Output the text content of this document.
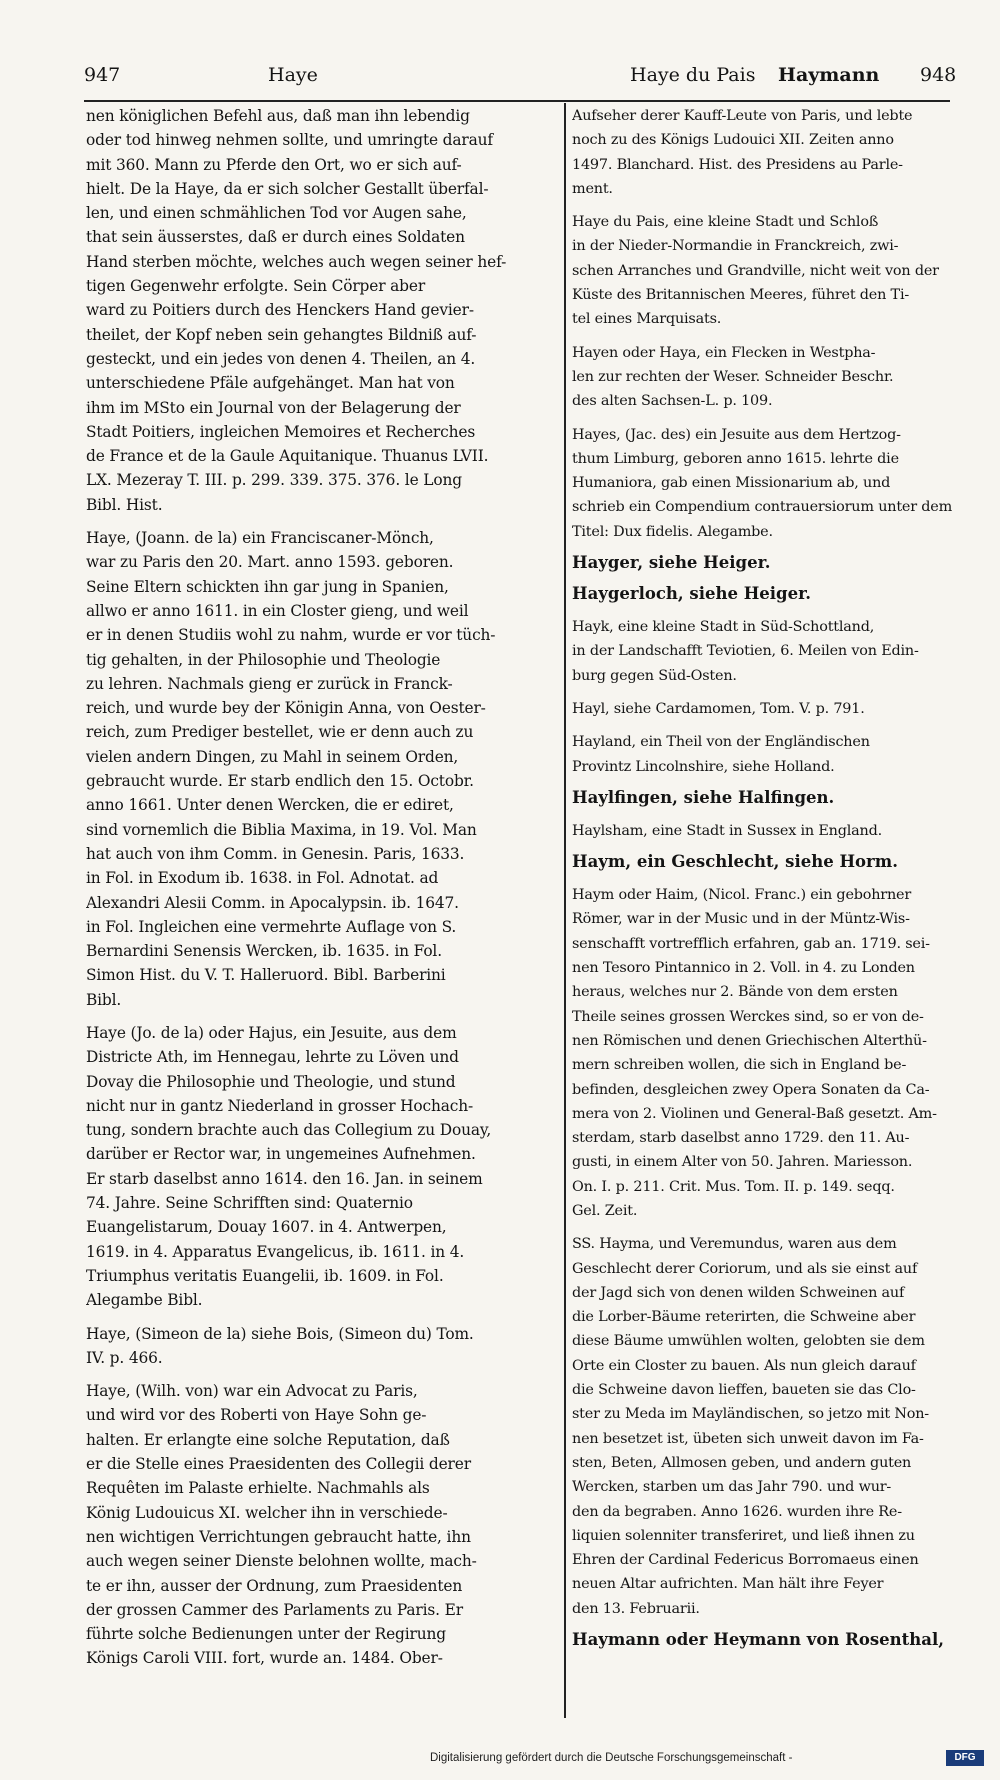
947	Haye	Haye du Pais Haymann 948
nen königlichen Befehl aus, daß man ihn lebendig
oder tod hinweg nehmen sollte, und umringte darauf
mit 360. Mann zu Pferde den Ort, wo er sich auf-
hielt. De la Haye, da er sich solcher Gestallt überfal-
len, und einen schmählichen Tod vor Augen sahe,
that sein äusserstes, daß er durch eines Soldaten
Hand sterben möchte, welches auch wegen seiner hef-
tigen Gegenwehr erfolgte. Sein Cörper aber
ward zu Poitiers durch des Henckers Hand gevier-
theilet, der Kopf neben sein gehangtes Bildniß auf-
gesteckt, und ein jedes von denen 4. Theilen, an 4.
unterschiedene Pfäle aufgehänget. Man hat von
ihm im MSto ein Journal von der Belagerung der
Stadt Poitiers, ingleichen Memoires et Recherches
de France et de la Gaule Aquitanique. Thuanus LVII.
LX. Mezeray T. III. p. 299. 339. 375. 376. le Long
Bibl. Hist.
Haye, (Joann. de la) ein Franciscaner-Mönch,
war zu Paris den 20. Mart. anno 1593. geboren.
Seine Eltern schickten ihn gar jung in Spanien,
allwo er anno 1611. in ein Closter gieng, und weil
er in denen Studiis wohl zu nahm, wurde er vor tüch-
tig gehalten, in der Philosophie und Theologie
zu lehren. Nachmals gieng er zurück in Franck-
reich, und wurde bey der Königin Anna, von Oester-
reich, zum Prediger bestellet, wie er denn auch zu
vielen andern Dingen, zu Mahl in seinem Orden,
gebraucht wurde. Er starb endlich den 15. Octobr.
anno 1661. Unter denen Wercken, die er ediret,
sind vornemlich die Biblia Maxima, in 19. Vol. Man
hat auch von ihm Comm. in Genesin. Paris, 1633.
in Fol. in Exodum ib. 1638. in Fol. Adnotat. ad
Alexandri Alesii Comm. in Apocalypsin. ib. 1647.
in Fol. Ingleichen eine vermehrte Auflage von S.
Bernardini Senensis Wercken, ib. 1635. in Fol.
Simon Hist. du V. T. Halleruord. Bibl. Barberini
Bibl.
Haye (Jo. de la) oder Hajus, ein Jesuite, aus dem
Districte Ath, im Hennegau, lehrte zu Löven und
Dovay die Philosophie und Theologie, und stund
nicht nur in gantz Niederland in grosser Hochach-
tung, sondern brachte auch das Collegium zu Douay,
darüber er Rector war, in ungemeines Aufnehmen.
Er starb daselbst anno 1614. den 16. Jan. in seinem
74. Jahre. Seine Schrifften sind: Quaternio
Euangelistarum, Douay 1607. in 4. Antwerpen,
1619. in 4. Apparatus Evangelicus, ib. 1611. in 4.
Triumphus veritatis Euangelii, ib. 1609. in Fol.
Alegambe Bibl.
Haye, (Simeon de la) siehe Bois, (Simeon du) Tom.
IV. p. 466.
Haye, (Wilh. von) war ein Advocat zu Paris,
und wird vor des Roberti von Haye Sohn ge-
halten. Er erlangte eine solche Reputation, daß
er die Stelle eines Praesidenten des Collegii derer
Requêten im Palaste erhielte. Nachmahls als
König Ludouicus XI. welcher ihn in verschiede-
nen wichtigen Verrichtungen gebraucht hatte, ihn
auch wegen seiner Dienste belohnen wollte, mach-
te er ihn, ausser der Ordnung, zum Praesidenten
der grossen Cammer des Parlaments zu Paris. Er
führte solche Bedienungen unter der Regirung
Königs Caroli VIII. fort, wurde an. 1484. Ober-
Aufseher derer Kauff-Leute von Paris, und lebte
noch zu des Königs Ludouici XII. Zeiten anno
1497. Blanchard. Hist. des Presidens au Parle-
ment.
Haye du Pais, eine kleine Stadt und Schloß
in der Nieder-Normandie in Franckreich, zwi-
schen Arranches und Grandville, nicht weit von der
Küste des Britannischen Meeres, führet den Ti-
tel eines Marquisats.
Hayen oder Haya, ein Flecken in Westpha-
len zur rechten der Weser. Schneider Beschr.
des alten Sachsen-L. p. 109.
Hayes, (Jac. des) ein Jesuite aus dem Hertzog-
thum Limburg, geboren anno 1615. lehrte die
Humaniora, gab einen Missionarium ab, und
schrieb ein Compendium contrauersiorum unter dem
Titel: Dux fidelis. Alegambe.
Hayger, siehe Heiger.
Haygerloch, siehe Heiger.
Hayk, eine kleine Stadt in Süd-Schottland,
in der Landschafft Teviotien, 6. Meilen von Edin-
burg gegen Süd-Osten.
Hayl, siehe Cardamomen, Tom. V. p. 791.
Hayland, ein Theil von der Engländischen
Provintz Lincolnshire, siehe Holland.
Haylfingen, siehe Halfingen.
Haylsham, eine Stadt in Sussex in England.
Haym, ein Geschlecht, siehe Horm.
Haym oder Haim, (Nicol. Franc.) ein gebohrner
Römer, war in der Music und in der Müntz-Wis-
senschafft vortrefflich erfahren, gab an. 1719. sei-
nen Tesoro Pintannico in 2. Voll. in 4. zu Londen
heraus, welches nur 2. Bände von dem ersten
Theile seines grossen Werckes sind, so er von de-
nen Römischen und denen Griechischen Alterthü-
mern schreiben wollen, die sich in England be-
befinden, desgleichen zwey Opera Sonaten da Ca-
mera von 2. Violinen und General-Baß gesetzt. Am-
sterdam, starb daselbst anno 1729. den 11. Au-
gusti, in einem Alter von 50. Jahren. Mariesson.
On. I. p. 211. Crit. Mus. Tom. II. p. 149. seqq.
Gel. Zeit.
SS. Hayma, und Veremundus, waren aus dem
Geschlecht derer Coriorum, und als sie einst auf
der Jagd sich von denen wilden Schweinen auf
die Lorber-Bäume reterirten, die Schweine aber
diese Bäume umwühlen wolten, gelobten sie dem
Orte ein Closter zu bauen. Als nun gleich darauf
die Schweine davon lieffen, baueten sie das Clo-
ster zu Meda im Mayländischen, so jetzo mit Non-
nen besetzet ist, übeten sich unweit davon im Fa-
sten, Beten, Allmosen geben, und andern guten
Wercken, starben um das Jahr 790. und wur-
den da begraben. Anno 1626. wurden ihre Re-
liquien solenniter transferiret, und ließ ihnen zu
Ehren der Cardinal Federicus Borromaeus einen
neuen Altar aufrichten. Man hält ihre Feyer
den 13. Februarii.
Haymann oder Heymann von Rosenthal,
Digitalisierung gefördert durch die Deutsche Forschungsgemeinschaft -	DFG
